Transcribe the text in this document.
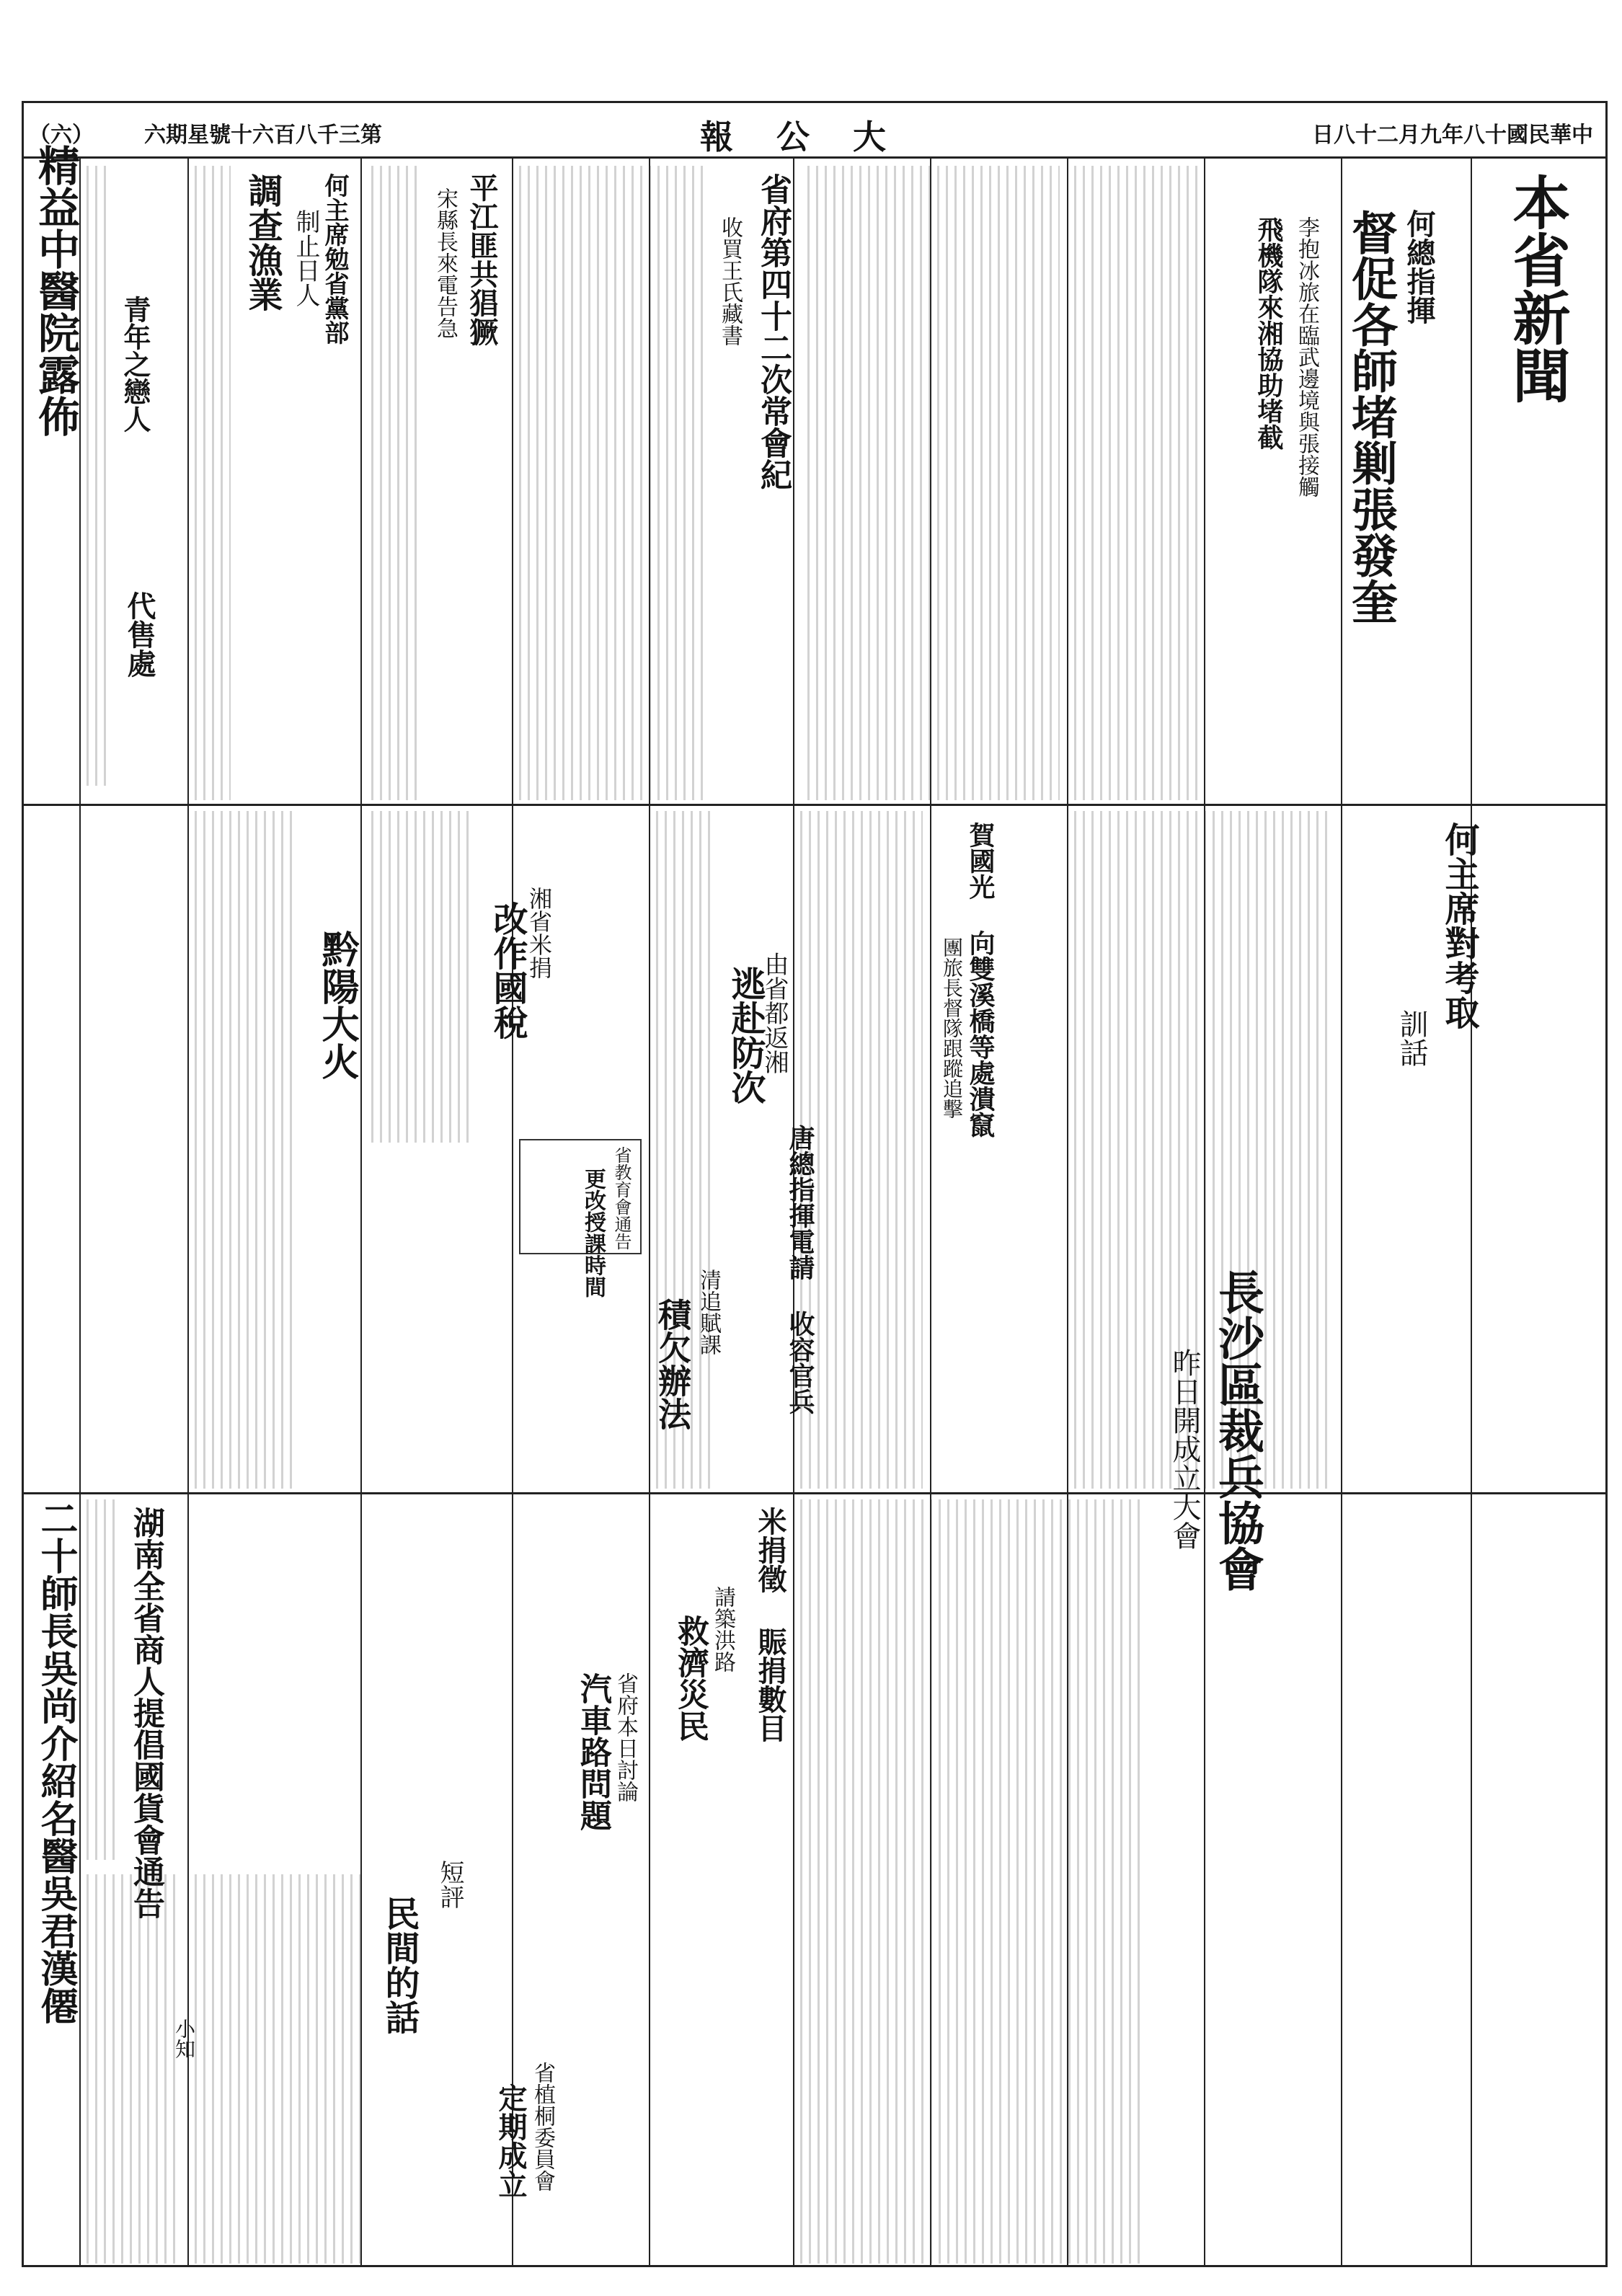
中華民國十八年九月二十八日
大公報
第三千八百六十號
星期六
（六）
本省新聞
督促各師堵剿張發奎 何總指揮
飛機隊來湘協助堵截 李抱冰旅在臨武邊境與張接觸
省府第四十二次常會紀
收買王氏藏書
平江匪共猖獗
宋縣長來電告急
何主席勉省黨部
制止日人
調查漁業
何主席對考取
訓話
賀國光 向雙溪橋等處潰竄
團旅長督隊跟蹤追擊
逃赴防次
由省都返湘
改作國稅
湘省米捐
更改授課時間 省教育會通告
黔陽大火
唐總指揮電請 收容官兵
積欠辦法 清追賦課	長沙區裁兵協會
昨日開成立大會
米捐徵 賑捐數目
救濟災民 請築洪路
汽車路問題 省府本日討論
民間的話
短評
小知
定期成立 省植桐委員會
湖南全省商人提倡國貨會通告
青年之戀人
精益中醫院露佈
代售處
二十師長吳尚介紹名醫吳君漢僊
